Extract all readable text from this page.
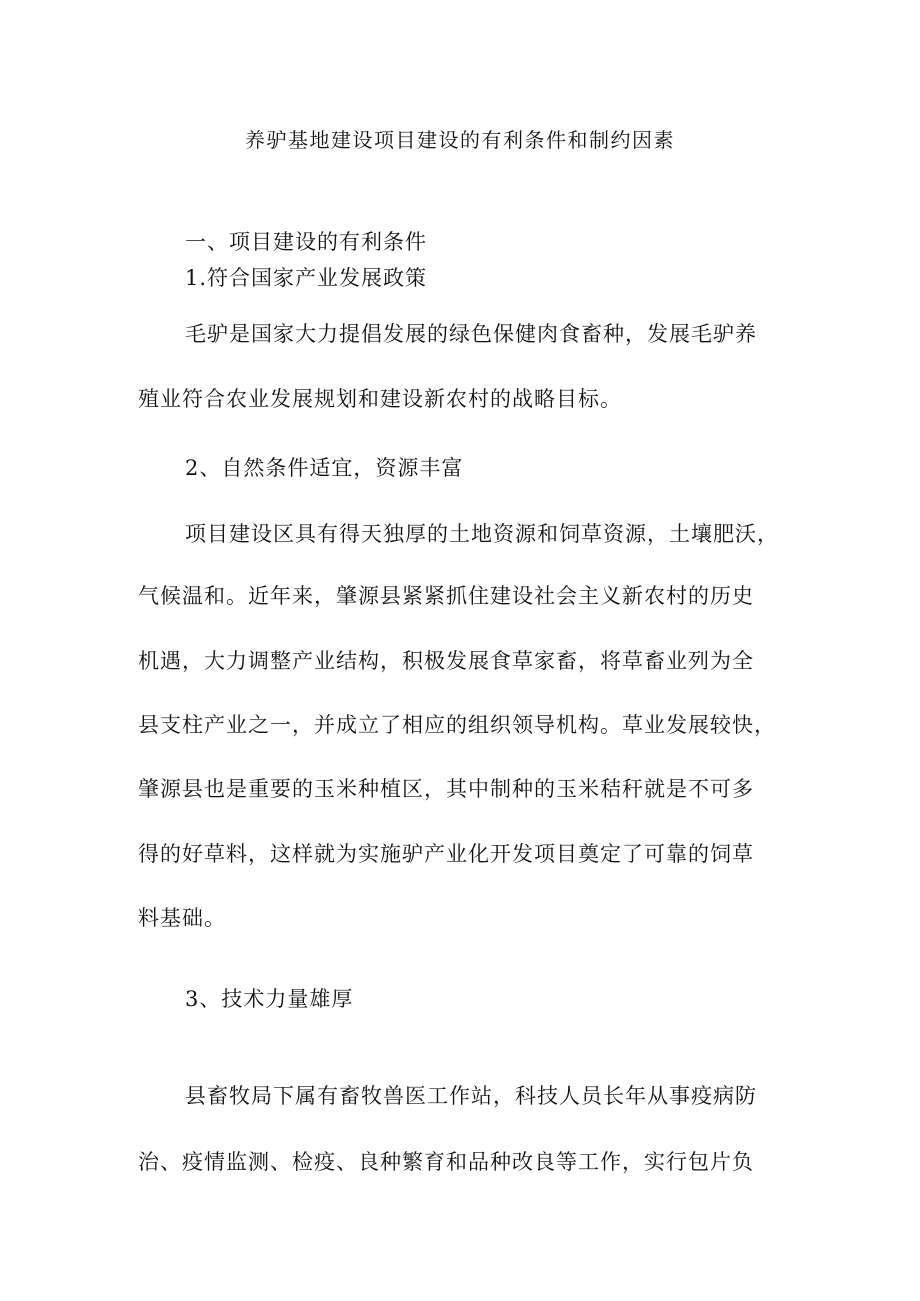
养驴基地建设项目建设的有利条件和制约因素
一、项目建设的有利条件
1.符合国家产业发展政策
毛驴是国家大力提倡发展的绿色保健肉食畜种，发展毛驴养
殖业符合农业发展规划和建设新农村的战略目标。
2、自然条件适宜，资源丰富
项目建设区具有得天独厚的土地资源和饲草资源，土壤肥沃，
气候温和。近年来，肇源县紧紧抓住建设社会主义新农村的历史
机遇，大力调整产业结构，积极发展食草家畜，将草畜业列为全
县支柱产业之一，并成立了相应的组织领导机构。草业发展较快，
肇源县也是重要的玉米种植区，其中制种的玉米秸秆就是不可多
得的好草料，这样就为实施驴产业化开发项目奠定了可靠的饲草
料基础。
3、技术力量雄厚
县畜牧局下属有畜牧兽医工作站，科技人员长年从事疫病防
治、疫情监测、检疫、良种繁育和品种改良等工作，实行包片负
